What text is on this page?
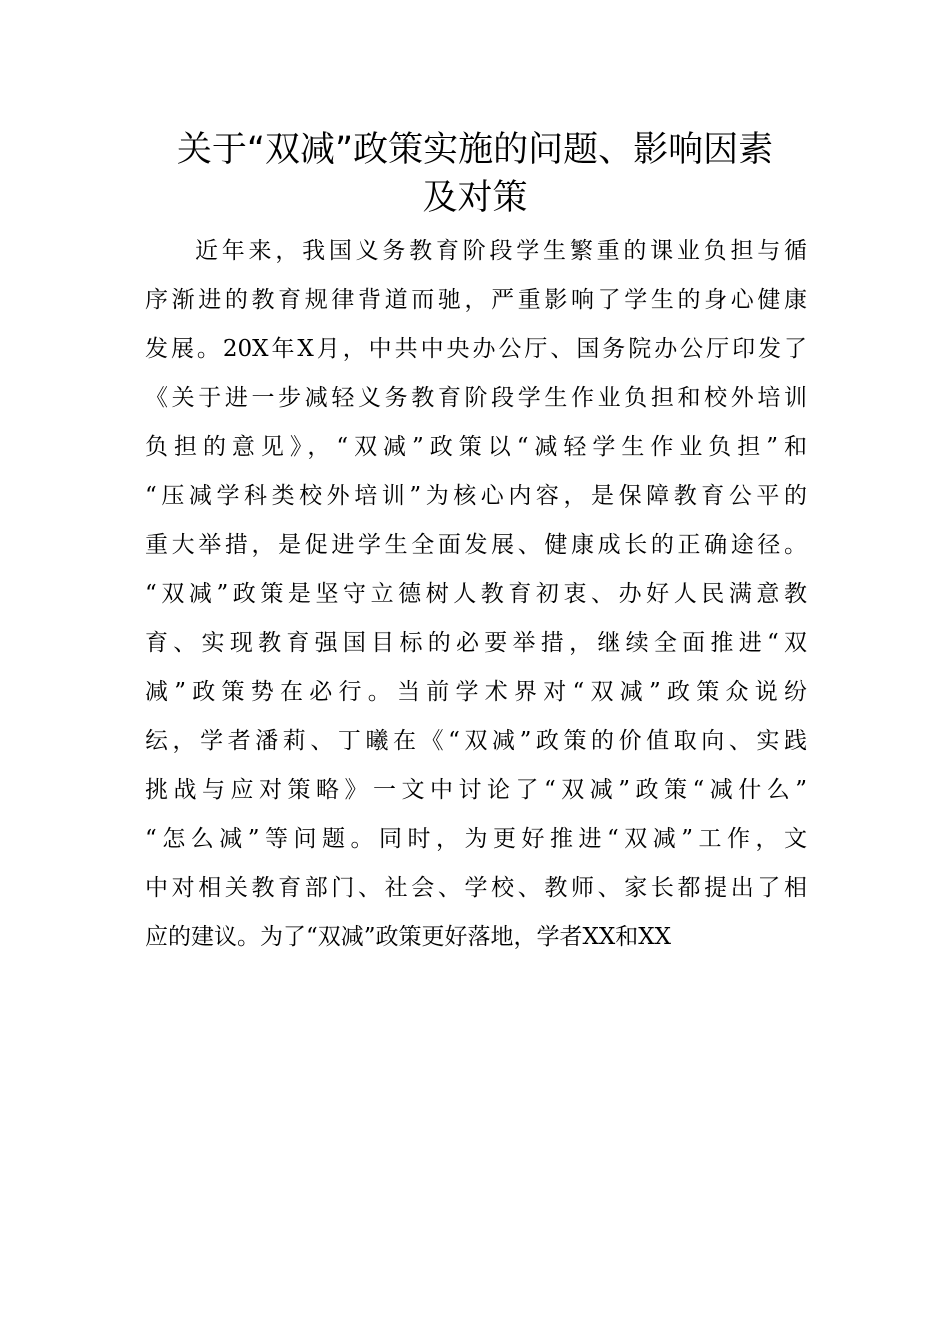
关于“双减”政策实施的问题、影响因素
及对策
近年来，我国义务教育阶段学生繁重的课业负担与循
序渐进的教育规律背道而驰，严重影响了学生的身心健康
发展。20X年X月，中共中央办公厅、国务院办公厅印发了
《关于进一步减轻义务教育阶段学生作业负担和校外培训
负担的意见》，“双减”政策以“减轻学生作业负担”和
“压减学科类校外培训”为核心内容，是保障教育公平的
重大举措，是促进学生全面发展、健康成长的正确途径。
“双减”政策是坚守立德树人教育初衷、办好人民满意教
育、实现教育强国目标的必要举措，继续全面推进“双
减”政策势在必行。当前学术界对“双减”政策众说纷
纭，学者潘莉、丁曦在《“双减”政策的价值取向、实践
挑战与应对策略》一文中讨论了“双减”政策“减什么”
“怎么减”等问题。同时，为更好推进“双减”工作，文
中对相关教育部门、社会、学校、教师、家长都提出了相
应的建议。为了“双减”政策更好落地，学者XX和XX
